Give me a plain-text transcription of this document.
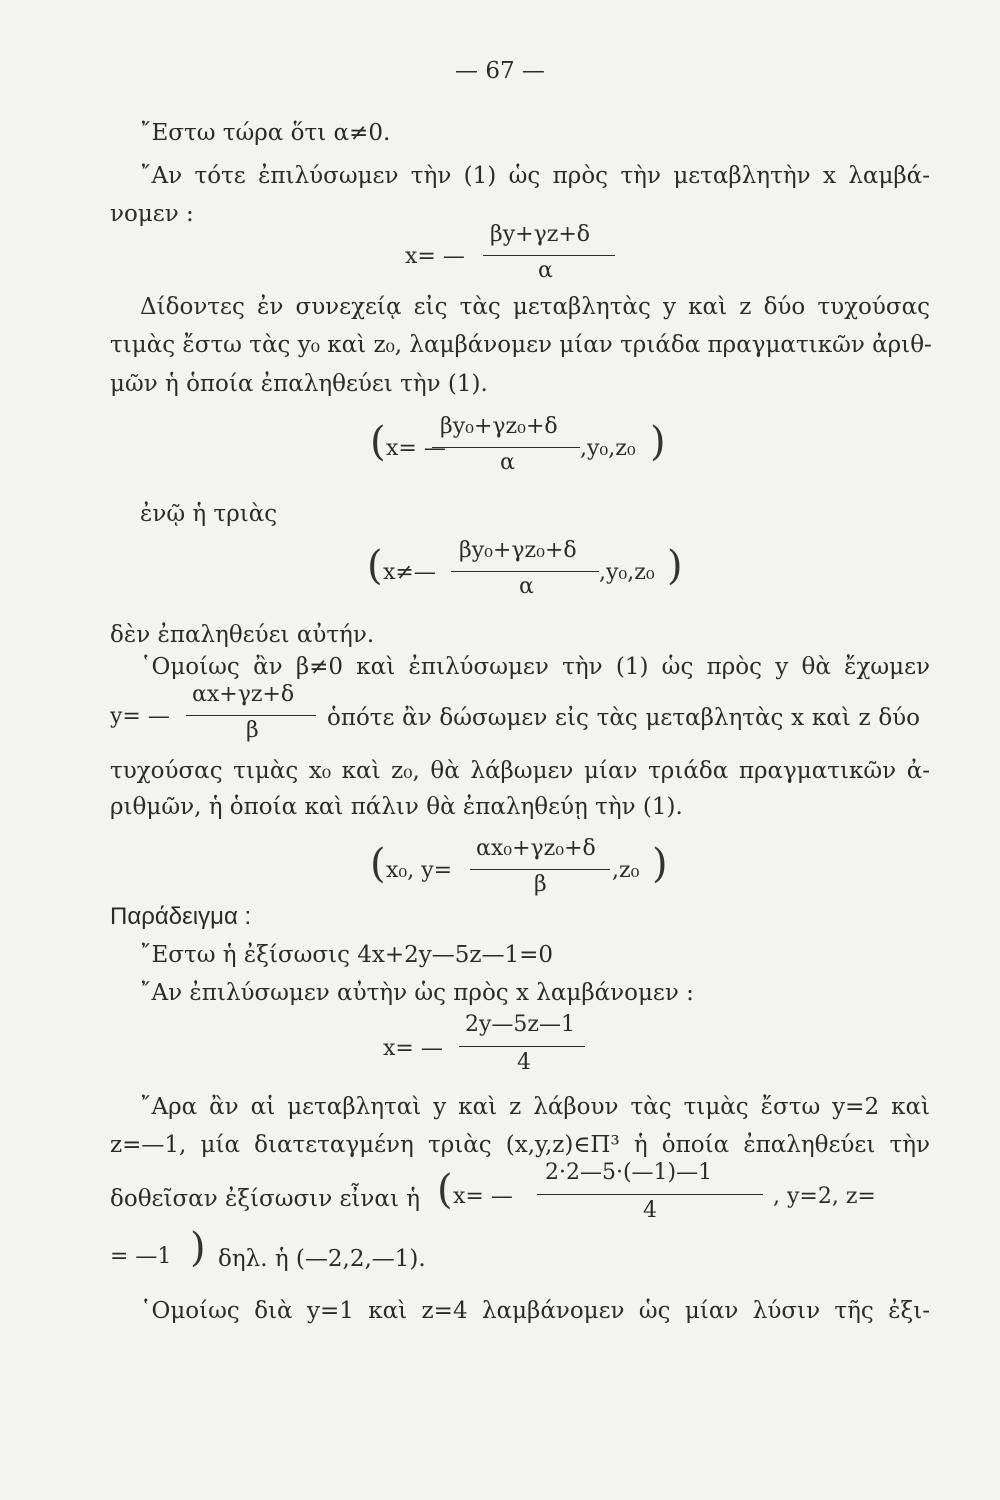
— 67 —
῎Εστω τώρα ὅτι α≠0.
῎Αν τότε ἐπιλύσωμεν τὴν (1) ὡς πρὸς τὴν μεταβλητὴν x λαμβά-
νομεν :
x= —
βy+γz+δ
α
Δίδοντες ἐν συνεχείᾳ εἰς τὰς μεταβλητὰς y καὶ z δύο τυχούσας
τιμὰς ἔστω τὰς y₀ καὶ z₀, λαμβάνομεν μίαν τριάδα πραγματικῶν ἀριθ-
μῶν ἡ ὁποία ἐπαληθεύει τὴν (1).
( x= —
βy₀+γz₀+δ
α
,y₀,z₀ )
ἐνῷ ἡ τριὰς
( x≠—
βy₀+γz₀+δ
α
,y₀,z₀ )
δὲν ἐπαληθεύει αὐτήν.
῾Ομοίως ἂν β≠0 καὶ ἐπιλύσωμεν τὴν (1) ὡς πρὸς y θὰ ἔχωμεν
y= —
αx+γz+δ
β	ὁπότε ἂν δώσωμεν εἰς τὰς μεταβλητὰς x καὶ z δύο
τυχούσας τιμὰς x₀ καὶ z₀, θὰ λάβωμεν μίαν τριάδα πραγματικῶν ἀ-
ριθμῶν, ἡ ὁποία καὶ πάλιν θὰ ἐπαληθεύῃ τὴν (1).
( x₀, y=
αx₀+γz₀+δ
β
,z₀ )
Παράδειγμα :
῎Εστω ἡ ἐξίσωσις 4x+2y—5z—1=0
῎Αν ἐπιλύσωμεν αὐτὴν ὡς πρὸς x λαμβάνομεν :
x= —
2y—5z—1
4
῎Αρα ἂν αἱ μεταβληταὶ y καὶ z λάβουν τὰς τιμὰς ἔστω y=2 καὶ
z=—1, μία διατεταγμένη τριὰς (x,y,z)∈Π³ ἡ ὁποία ἐπαληθεύει τὴν
δοθεῖσαν ἐξίσωσιν εἶναι ἡ ( x= —
2·2—5·(—1)—1
4
, y=2, z=
= —1 ) δηλ. ἡ (—2,2,—1).
῾Ομοίως διὰ y=1 καὶ z=4 λαμβάνομεν ὡς μίαν λύσιν τῆς ἐξι-
